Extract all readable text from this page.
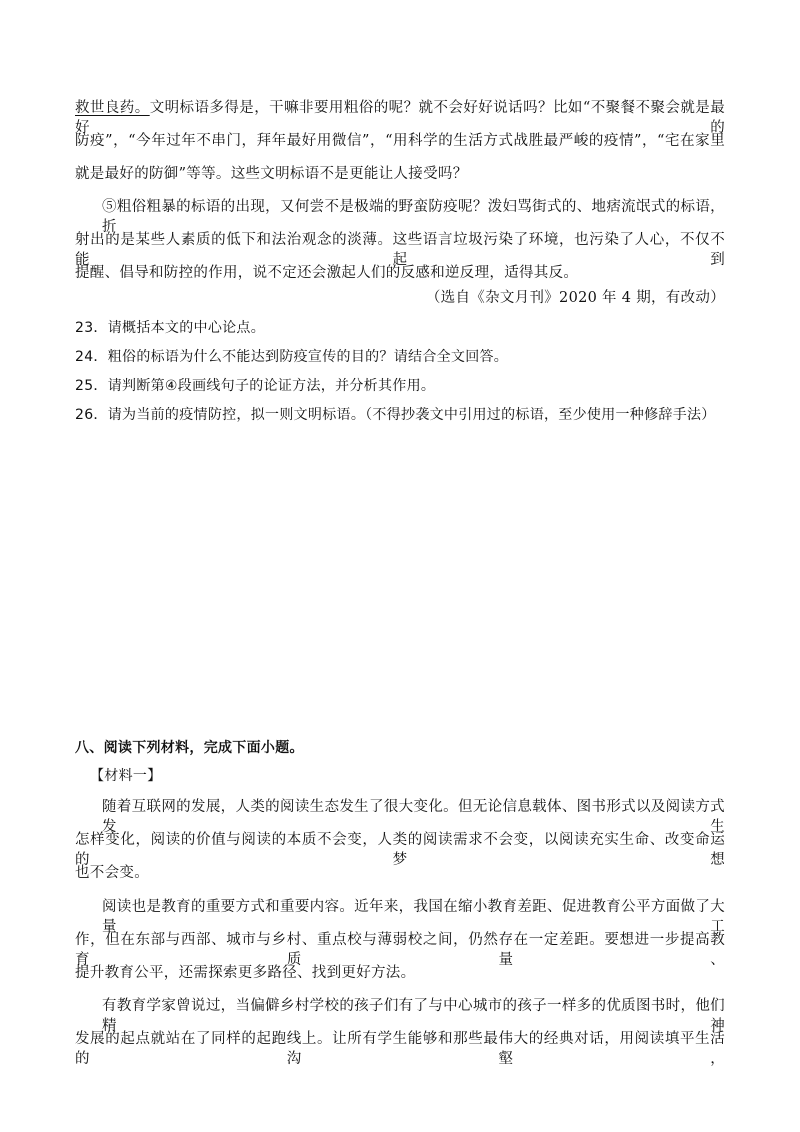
救世良药。文明标语多得是，干嘛非要用粗俗的呢？就不会好好说话吗？比如“不聚餐不聚会就是最好的
防疫”，“今年过年不串门，拜年最好用微信”，“用科学的生活方式战胜最严峻的疫情”，“宅在家里
就是最好的防御”等等。这些文明标语不是更能让人接受吗？
⑤粗俗粗暴的标语的出现，又何尝不是极端的野蛮防疫呢？泼妇骂街式的、地痞流氓式的标语，折
射出的是某些人素质的低下和法治观念的淡薄。这些语言垃圾污染了环境，也污染了人心，不仅不能起到
提醒、倡导和防控的作用，说不定还会激起人们的反感和逆反理，适得其反。
（选自《杂文月刊》2020 年 4 期，有改动）
23．请概括本文的中心论点。
24．粗俗的标语为什么不能达到防疫宣传的目的？请结合全文回答。
25．请判断第④段画线句子的论证方法，并分析其作用。
26．请为当前的疫情防控，拟一则文明标语。（不得抄袭文中引用过的标语，至少使用一种修辞手法）
八、阅读下列材料，完成下面小题。
【材料一】
随着互联网的发展，人类的阅读生态发生了很大变化。但无论信息载体、图书形式以及阅读方式发生
怎样变化，阅读的价值与阅读的本质不会变，人类的阅读需求不会变，以阅读充实生命、改变命运的梦想
也不会变。
阅读也是教育的重要方式和重要内容。近年来，我国在缩小教育差距、促进教育公平方面做了大量工
作，但在东部与西部、城市与乡村、重点校与薄弱校之间，仍然存在一定差距。要想进一步提高教育质量、
提升教育公平，还需探索更多路径、找到更好方法。
有教育学家曾说过，当偏僻乡村学校的孩子们有了与中心城市的孩子一样多的优质图书时，他们精神
发展的起点就站在了同样的起跑线上。让所有学生能够和那些最伟大的经典对话，用阅读填平生活的沟壑，
